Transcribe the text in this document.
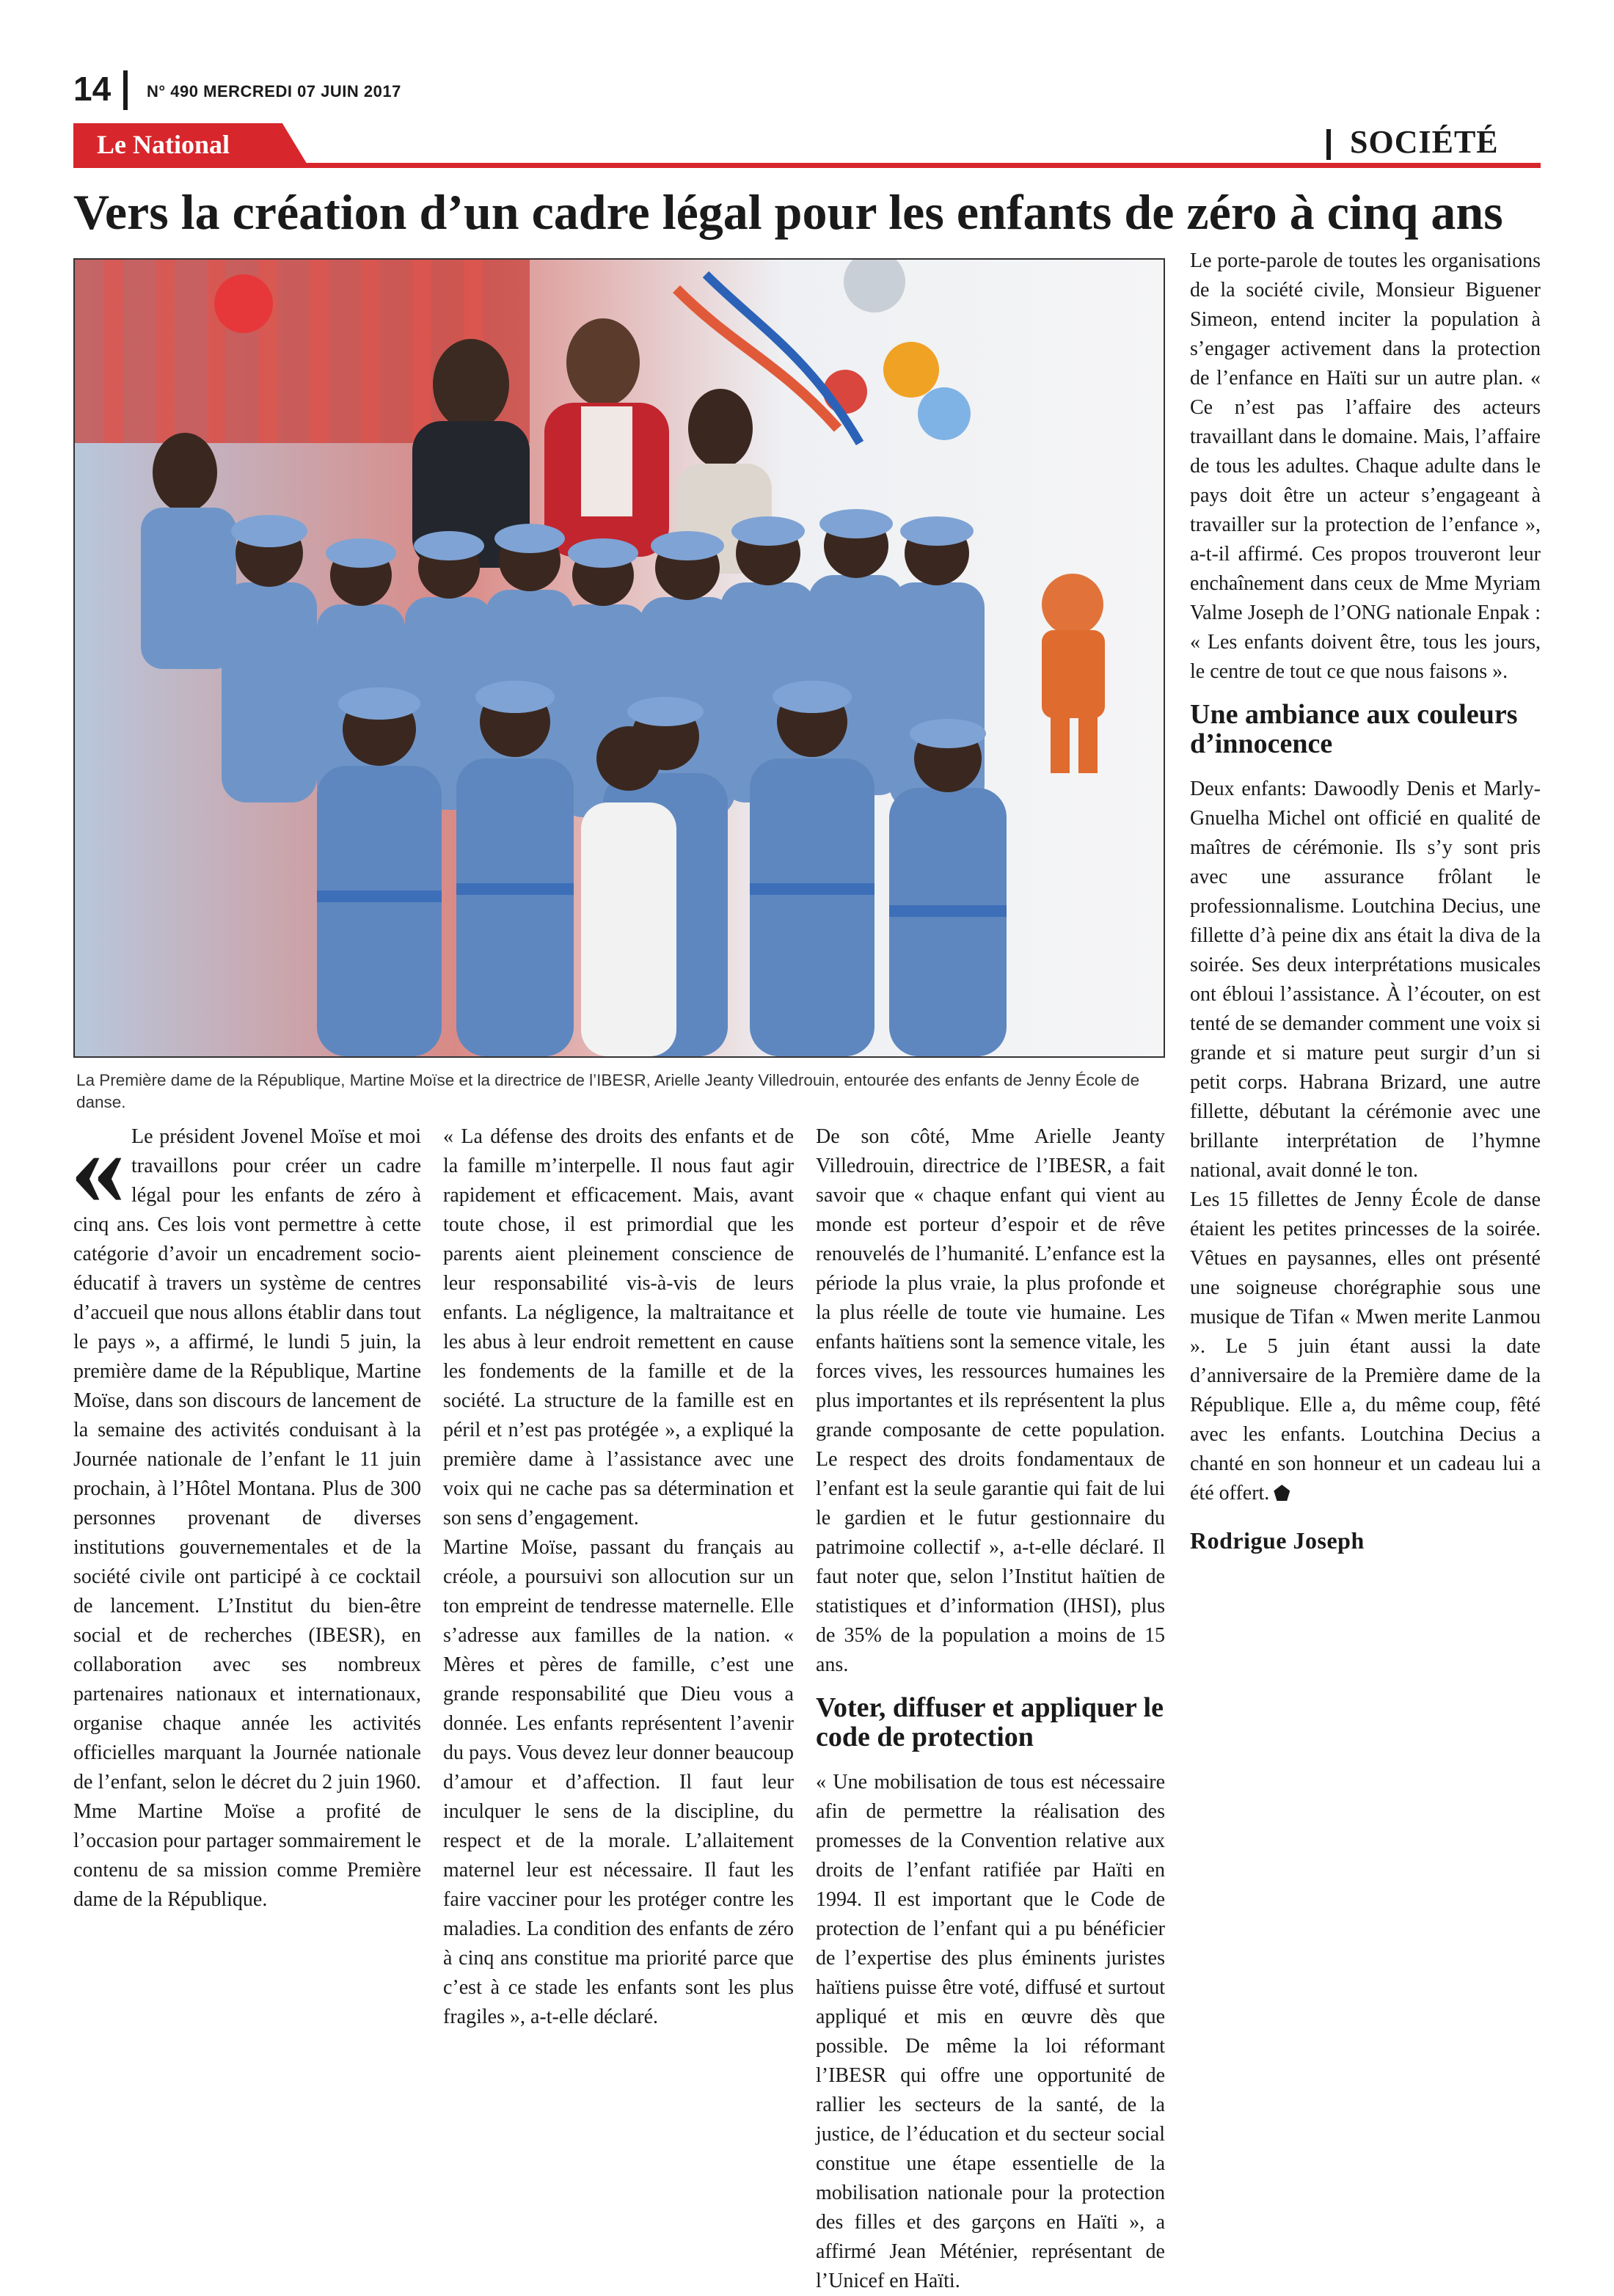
14 N° 490 MERCREDI 07 JUIN 2017
Le National	SOCIÉTÉ
Vers la création d’un cadre légal pour les enfants de zéro à cinq ans
La Première dame de la République, Martine Moïse et la directrice de l’IBESR, Arielle Jeanty Villedrouin, entourée des enfants de Jenny École de danse.

« Le président Jovenel Moïse et moi travaillons pour créer un cadre légal pour les enfants de zéro à cinq ans. Ces lois vont permettre à cette catégorie d’avoir un encadrement socio-éducatif à travers un système de centres d’accueil que nous allons établir dans tout le pays », a affirmé, le lundi 5 juin, la première dame de la République, Martine Moïse, dans son discours de lancement de la semaine des activités conduisant à la Journée nationale de l’enfant le 11 juin prochain, à l’Hôtel Montana. Plus de 300 personnes provenant de diverses institutions gouvernementales et de la société civile ont participé à ce cocktail de lancement. L’Institut du bien-être social et de recherches (IBESR), en collaboration avec ses nombreux partenaires nationaux et internationaux, organise chaque année les activités officielles marquant la Journée nationale de l’enfant, selon le décret du 2 juin 1960. Mme Martine Moïse a profité de l’occasion pour partager sommairement le contenu de sa mission comme Première dame de la République.

« La défense des droits des enfants et de la famille m’interpelle. Il nous faut agir rapidement et efficacement. Mais, avant toute chose, il est primordial que les parents aient pleinement conscience de leur responsabilité vis-à-vis de leurs enfants. La négligence, la maltraitance et les abus à leur endroit remettent en cause les fondements de la famille et de la société. La structure de la famille est en péril et n’est pas protégée », a expliqué la première dame à l’assistance avec une voix qui ne cache pas sa détermination et son sens d’engagement.

Martine Moïse, passant du français au créole, a poursuivi son allocution sur un ton empreint de tendresse maternelle. Elle s’adresse aux familles de la nation. « Mères et pères de famille, c’est une grande responsabilité que Dieu vous a donnée. Les enfants représentent l’avenir du pays. Vous devez leur donner beaucoup d’amour et d’affection. Il faut leur inculquer le sens de la discipline, du respect et de la morale. L’allaitement maternel leur est nécessaire. Il faut les faire vacciner pour les protéger contre les maladies. La condition des enfants de zéro à cinq ans constitue ma priorité parce que c’est à ce stade les enfants sont les plus fragiles », a-t-elle déclaré.

De son côté, Mme Arielle Jeanty Villedrouin, directrice de l’IBESR, a fait savoir que « chaque enfant qui vient au monde est porteur d’espoir et de rêve renouvelés de l’humanité. L’enfance est la période la plus vraie, la plus profonde et la plus réelle de toute vie humaine. Les enfants haïtiens sont la semence vitale, les forces vives, les ressources humaines les plus importantes et ils représentent la plus grande composante de cette population. Le respect des droits fondamentaux de l’enfant est la seule garantie qui fait de lui le gardien et le futur gestionnaire du patrimoine collectif », a-t-elle déclaré. Il faut noter que, selon l’Institut haïtien de statistiques et d’information (IHSI), plus de 35% de la population a moins de 15 ans.

Voter, diffuser et appliquer le code de protection

« Une mobilisation de tous est nécessaire afin de permettre la réalisation des promesses de la Convention relative aux droits de l’enfant ratifiée par Haïti en 1994. Il est important que le Code de protection de l’enfant qui a pu bénéficier de l’expertise des plus éminents juristes haïtiens puisse être voté, diffusé et surtout appliqué et mis en œuvre dès que possible. De même la loi réformant l’IBESR qui offre une opportunité de rallier les secteurs de la santé, de la justice, de l’éducation et du secteur social constitue une étape essentielle de la mobilisation nationale pour la protection des filles et des garçons en Haïti », a affirmé Jean Méténier, représentant de l’Unicef en Haïti.

Le porte-parole de toutes les organisations de la société civile, Monsieur Biguener Simeon, entend inciter la population à s’engager activement dans la protection de l’enfance en Haïti sur un autre plan. « Ce n’est pas l’affaire des acteurs travaillant dans le domaine. Mais, l’affaire de tous les adultes. Chaque adulte dans le pays doit être un acteur s’engageant à travailler sur la protection de l’enfance », a-t-il affirmé. Ces propos trouveront leur enchaînement dans ceux de Mme Myriam Valme Joseph de l’ONG nationale Enpak : « Les enfants doivent être, tous les jours, le centre de tout ce que nous faisons ».

Une ambiance aux couleurs d’innocence

Deux enfants: Dawoodly Denis et Marly-Gnuelha Michel ont officié en qualité de maîtres de cérémonie. Ils s’y sont pris avec une assurance frôlant le professionnalisme. Loutchina Decius, une fillette d’à peine dix ans était la diva de la soirée. Ses deux interprétations musicales ont ébloui l’assistance. À l’écouter, on est tenté de se demander comment une voix si grande et si mature peut surgir d’un si petit corps. Habrana Brizard, une autre fillette, débutant la cérémonie avec une brillante interprétation de l’hymne national, avait donné le ton.

Les 15 fillettes de Jenny École de danse étaient les petites princesses de la soirée. Vêtues en paysannes, elles ont présenté une soigneuse chorégraphie sous une musique de Tifan « Mwen merite Lanmou ». Le 5 juin étant aussi la date d’anniversaire de la Première dame de la République. Elle a, du même coup, fêté avec les enfants. Loutchina Decius a chanté en son honneur et un cadeau lui a été offert.

Rodrigue Joseph
